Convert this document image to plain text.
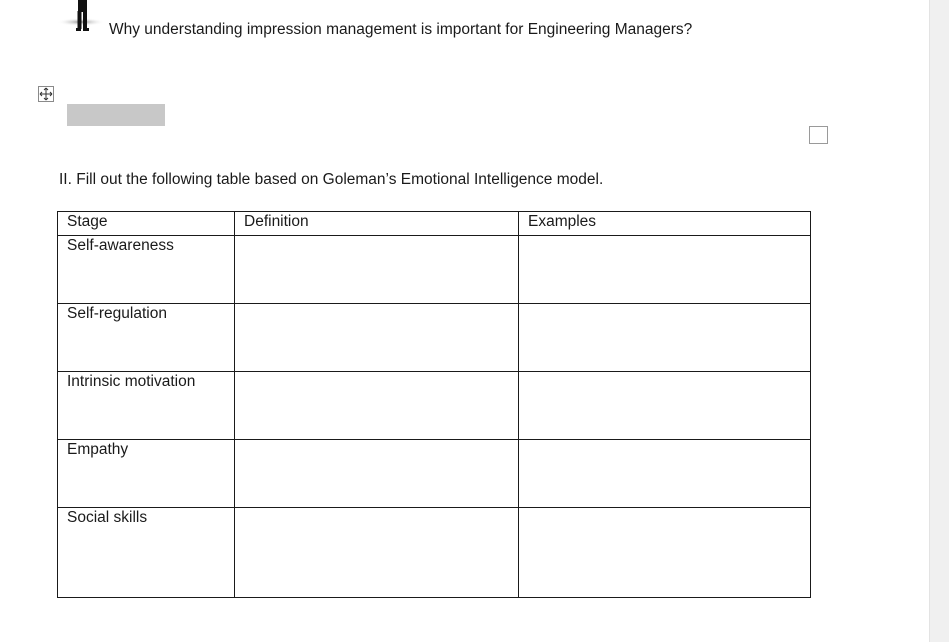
Why understanding impression management is important for Engineering Managers?
II. Fill out the following table based on Goleman’s Emotional Intelligence model.
Stage	Definition	Examples
Self-awareness		
Self-regulation		
Intrinsic motivation		
Empathy		
Social skills		
